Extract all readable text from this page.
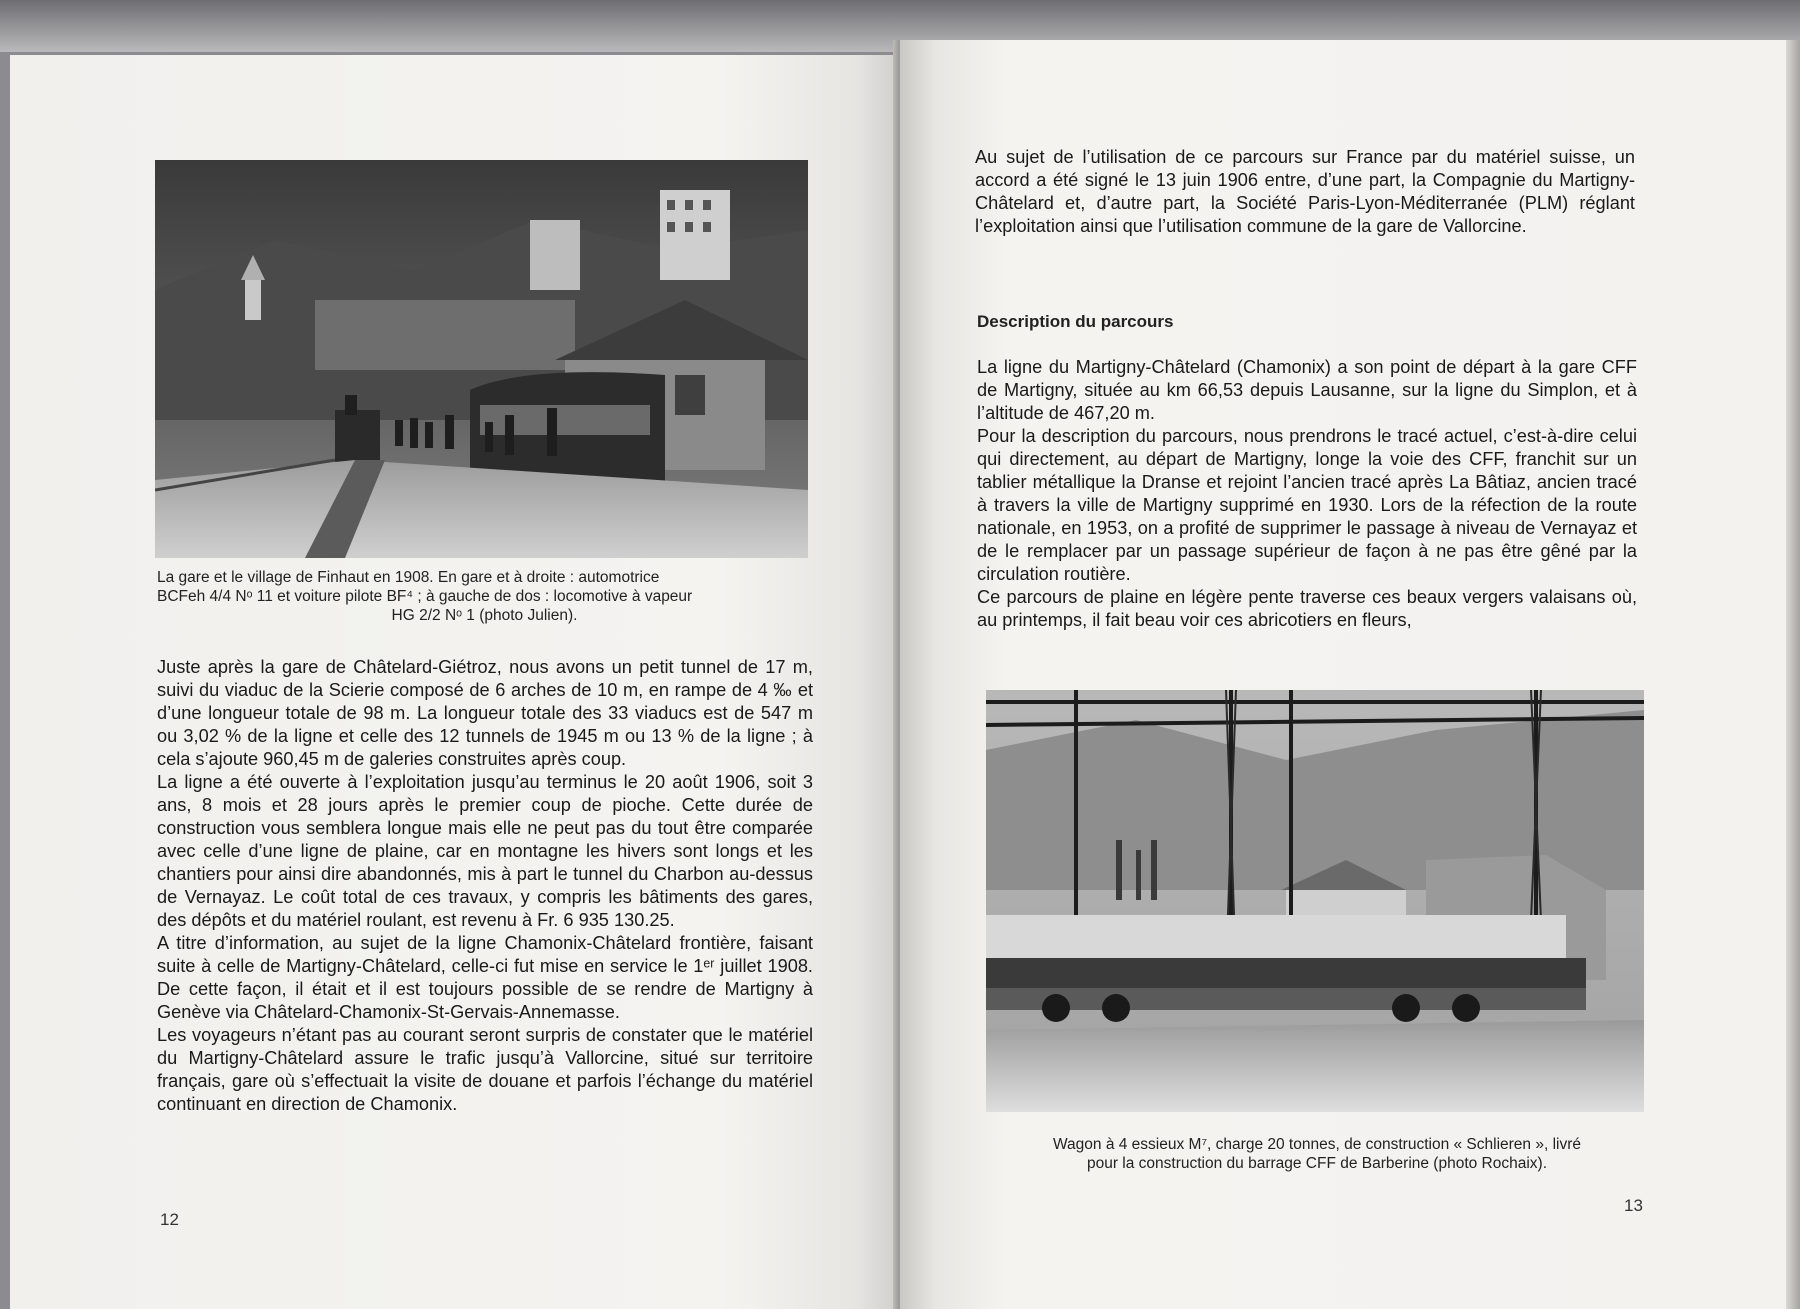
La gare et le village de Finhaut en 1908. En gare et à droite : automotrice

BCFeh 4/4 Nᵒ 11 et voiture pilote BF⁴ ; à gauche de dos : locomotive à vapeur

HG 2/2 Nᵒ 1 (photo Julien).

Juste après la gare de Châtelard-Giétroz, nous avons un petit tunnel de 17 m, suivi du viaduc de la Scierie composé de 6 arches de 10 m, en rampe de 4 ‰ et d’une longueur totale de 98 m. La longueur totale des 33 viaducs est de 547 m ou 3,02 % de la ligne et celle des 12 tunnels de 1945 m ou 13 % de la ligne ; à cela s’ajoute 960,45 m de galeries construites après coup.

La ligne a été ouverte à l’exploitation jusqu’au terminus le 20 août 1906, soit 3 ans, 8 mois et 28 jours après le premier coup de pioche. Cette durée de construction vous semblera longue mais elle ne peut pas du tout être comparée avec celle d’une ligne de plaine, car en montagne les hivers sont longs et les chantiers pour ainsi dire abandonnés, mis à part le tunnel du Charbon au-dessus de Vernayaz. Le coût total de ces travaux, y compris les bâtiments des gares, des dépôts et du matériel roulant, est revenu à Fr. 6 935 130.25.

A titre d’information, au sujet de la ligne Chamonix-Châtelard frontière, faisant suite à celle de Martigny-Châtelard, celle-ci fut mise en service le 1ᵉʳ juillet 1908. De cette façon, il était et il est toujours possible de se rendre de Martigny à Genève via Châtelard-Chamonix-St-Gervais-Annemasse.

Les voyageurs n’étant pas au courant seront surpris de constater que le matériel du Martigny-Châtelard assure le trafic jusqu’à Vallorcine, situé sur territoire français, gare où s’effectuait la visite de douane et parfois l’échange du matériel continuant en direction de Chamonix.

12
Au sujet de l’utilisation de ce parcours sur France par du matériel suisse, un accord a été signé le 13 juin 1906 entre, d’une part, la Compagnie du Martigny-Châtelard et, d’autre part, la Société Paris-Lyon-Méditerranée (PLM) réglant l’exploitation ainsi que l’utilisation commune de la gare de Vallorcine.
Description du parcours

La ligne du Martigny-Châtelard (Chamonix) a son point de départ à la gare CFF de Martigny, située au km 66,53 depuis Lausanne, sur la ligne du Simplon, et à l’altitude de 467,20 m.

Pour la description du parcours, nous prendrons le tracé actuel, c’est-à-dire celui qui directement, au départ de Martigny, longe la voie des CFF, franchit sur un tablier métallique la Dranse et rejoint l’ancien tracé après La Bâtiaz, ancien tracé à travers la ville de Martigny supprimé en 1930. Lors de la réfection de la route nationale, en 1953, on a profité de supprimer le passage à niveau de Vernayaz et de le remplacer par un passage supérieur de façon à ne pas être gêné par la circulation routière.

Ce parcours de plaine en légère pente traverse ces beaux vergers valaisans où, au printemps, il fait beau voir ces abricotiers en fleurs,

Wagon à 4 essieux M⁷, charge 20 tonnes, de construction « Schlieren », livré

pour la construction du barrage CFF de Barberine (photo Rochaix).

13
